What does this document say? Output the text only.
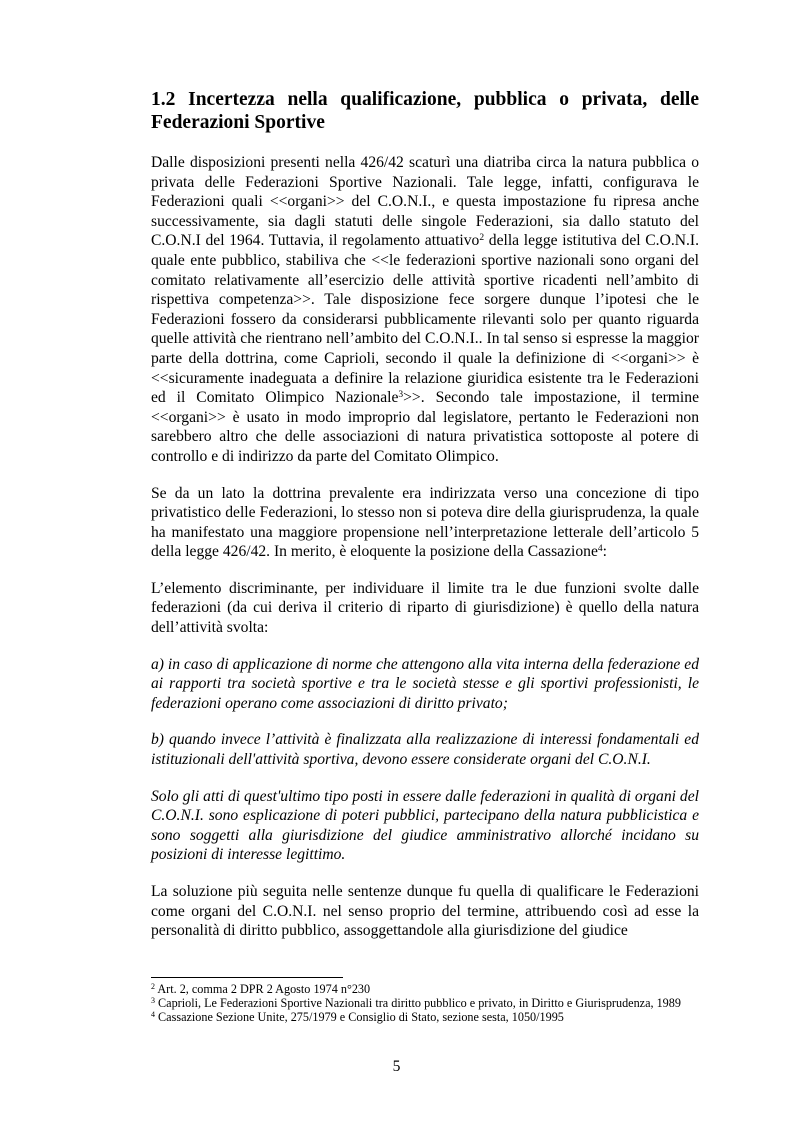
1.2 Incertezza nella qualificazione, pubblica o privata, delle Federazioni Sportive

Dalle disposizioni presenti nella 426/42 scaturì una diatriba circa la natura pubblica o privata delle Federazioni Sportive Nazionali. Tale legge, infatti, configurava le Federazioni quali <<organi>> del C.O.N.I., e questa impostazione fu ripresa anche successivamente, sia dagli statuti delle singole Federazioni, sia dallo statuto del C.O.N.I del 1964. Tuttavia, il regolamento attuativo$^2$ della legge istitutiva del C.O.N.I. quale ente pubblico, stabiliva che <<le federazioni sportive nazionali sono organi del comitato relativamente all’esercizio delle attività sportive ricadenti nell’ambito di rispettiva competenza>>. Tale disposizione fece sorgere dunque l’ipotesi che le Federazioni fossero da considerarsi pubblicamente rilevanti solo per quanto riguarda quelle attività che rientrano nell’ambito del C.O.N.I.. In tal senso si espresse la maggior parte della dottrina, come Caprioli, secondo il quale la definizione di <<organi>> è <<sicuramente inadeguata a definire la relazione giuridica esistente tra le Federazioni ed il Comitato Olimpico Nazionale$^3$>>. Secondo tale impostazione, il termine <<organi>> è usato in modo improprio dal legislatore, pertanto le Federazioni non sarebbero altro che delle associazioni di natura privatistica sottoposte al potere di controllo e di indirizzo da parte del Comitato Olimpico.

Se da un lato la dottrina prevalente era indirizzata verso una concezione di tipo privatistico delle Federazioni, lo stesso non si poteva dire della giurisprudenza, la quale ha manifestato una maggiore propensione nell’interpretazione letterale dell’articolo 5 della legge 426/42. In merito, è eloquente la posizione della Cassazione$^4$:

L’elemento discriminante, per individuare il limite tra le due funzioni svolte dalle federazioni (da cui deriva il criterio di riparto di giurisdizione) è quello della natura dell’attività svolta:

a) in caso di applicazione di norme che attengono alla vita interna della federazione ed ai rapporti tra società sportive e tra le società stesse e gli sportivi professionisti, le federazioni operano come associazioni di diritto privato;

b) quando invece l’attività è finalizzata alla realizzazione di interessi fondamentali ed istituzionali dell'attività sportiva, devono essere considerate organi del C.O.N.I.

Solo gli atti di quest'ultimo tipo posti in essere dalle federazioni in qualità di organi del C.O.N.I. sono esplicazione di poteri pubblici, partecipano della natura pubblicistica e sono soggetti alla giurisdizione del giudice amministrativo allorché incidano su posizioni di interesse legittimo.

La soluzione più seguita nelle sentenze dunque fu quella di qualificare le Federazioni come organi del C.O.N.I. nel senso proprio del termine, attribuendo così ad esse la personalità di diritto pubblico, assoggettandole alla giurisdizione del giudice

$^2$ Art. 2, comma 2 DPR 2 Agosto 1974 n°230
$^3$ Caprioli, Le Federazioni Sportive Nazionali tra diritto pubblico e privato, in Diritto e Giurisprudenza, 1989
$^4$ Cassazione Sezione Unite, 275/1979 e Consiglio di Stato, sezione sesta, 1050/1995
5
